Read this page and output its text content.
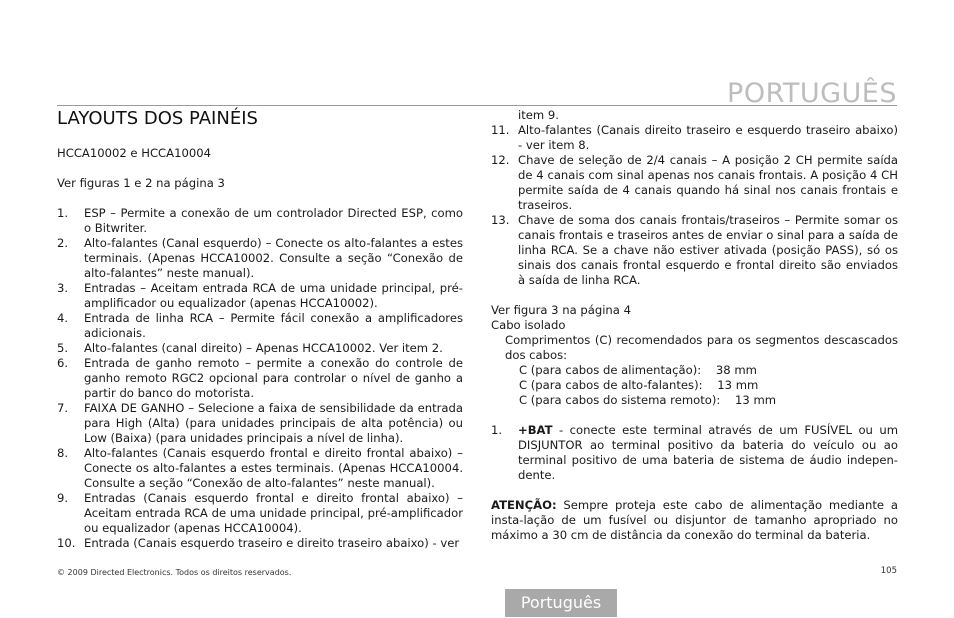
PORTUGUÊS
LAYOUTS DOS PAINÉIS

HCCA10002 e HCCA10004

Ver figuras 1 e 2 na página 3

1.	ESP – Permite a conexão de um controlador Directed ESP, como o Bitwriter.
2.	Alto-falantes (Canal esquerdo) – Conecte os alto-falantes a estes terminais. (Apenas HCCA10002. Consulte a seção “Conexão de alto-falantes” neste manual).
3.	Entradas – Aceitam entrada RCA de uma unidade principal, pré-amplificador ou equalizador (apenas HCCA10002).
4.	Entrada de linha RCA – Permite fácil conexão a amplificadores adicionais.
5.	Alto-falantes (canal direito) – Apenas HCCA10002. Ver item 2.
6.	Entrada de ganho remoto – permite a conexão do controle de ganho remoto RGC2 opcional para controlar o nível de ganho a partir do banco do motorista.
7.	FAIXA DE GANHO – Selecione a faixa de sensibilidade da entrada para High (Alta) (para unidades principais de alta potência) ou Low (Baixa) (para unidades principais a nível de linha).
8.	Alto-falantes (Canais esquerdo frontal e direito frontal abaixo) – Conecte os alto-falantes a estes terminais. (Apenas HCCA10004. Consulte a seção “Conexão de alto-falantes” neste manual).
9.	Entradas (Canais esquerdo frontal e direito frontal abaixo) – Aceitam entrada RCA de uma unidade principal, pré-amplificador ou equalizador (apenas HCCA10004).
10. Entrada (Canais esquerdo traseiro e direito traseiro abaixo) - ver
item 9.
11. Alto-falantes (Canais direito traseiro e esquerdo traseiro abaixo) - ver item 8.
12. Chave de seleção de 2/4 canais – A posição 2 CH permite saída de 4 canais com sinal apenas nos canais frontais. A posição 4 CH permite saída de 4 canais quando há sinal nos canais frontais e traseiros.
13. Chave de soma dos canais frontais/traseiros – Permite somar os canais frontais e traseiros antes de enviar o sinal para a saída de linha RCA. Se a chave não estiver ativada (posição PASS), só os sinais dos canais frontal esquerdo e frontal direito são enviados à saída de linha RCA.

Ver figura 3 na página 4

Cabo isolado

Comprimentos (C) recomendados para os segmentos descascados dos cabos:
C (para cabos de alimentação): 38 mm
C (para cabos de alto-falantes): 13 mm
C (para cabos do sistema remoto): 13 mm
1.	+BAT - conecte este terminal através de um FUSÍVEL ou um DISJUNTOR ao terminal positivo da bateria do veículo ou ao terminal positivo de uma bateria de sistema de áudio indepen-dente.
ATENÇÃO: Sempre proteja este cabo de alimentação mediante a insta-lação de um fusível ou disjuntor de tamanho apropriado no máximo a 30 cm de distância da conexão do terminal da bateria.
© 2009 Directed Electronics. Todos os direitos reservados.	105
Português
